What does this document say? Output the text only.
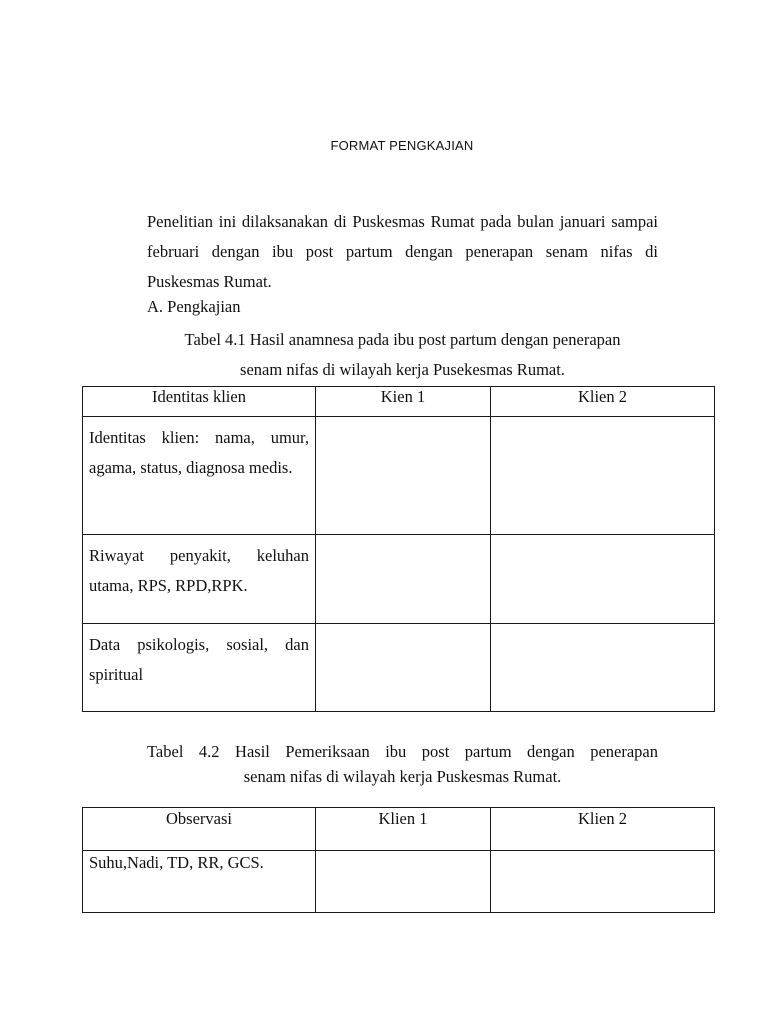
FORMAT PENGKAJIAN

Penelitian ini dilaksanakan di Puskesmas Rumat pada bulan januari sampai februari dengan ibu post partum dengan penerapan senam nifas di Puskesmas Rumat.

A. Pengkajian

Tabel 4.1 Hasil anamnesa pada ibu post partum dengan penerapan
senam nifas di wilayah kerja Pusekesmas Rumat.

Identitas klien	Kien 1	Klien 2

Identitas klien: nama, umur, agama, status, diagnosa medis.		

Riwayat penyakit, keluhan utama, RPS, RPD,RPK.		

Data psikologis, sosial, dan spiritual		

Tabel 4.2 Hasil Pemeriksaan ibu post partum dengan penerapan
senam nifas di wilayah kerja Puskesmas Rumat.

Observasi	Klien 1	Klien 2

Suhu,Nadi, TD, RR, GCS.		
